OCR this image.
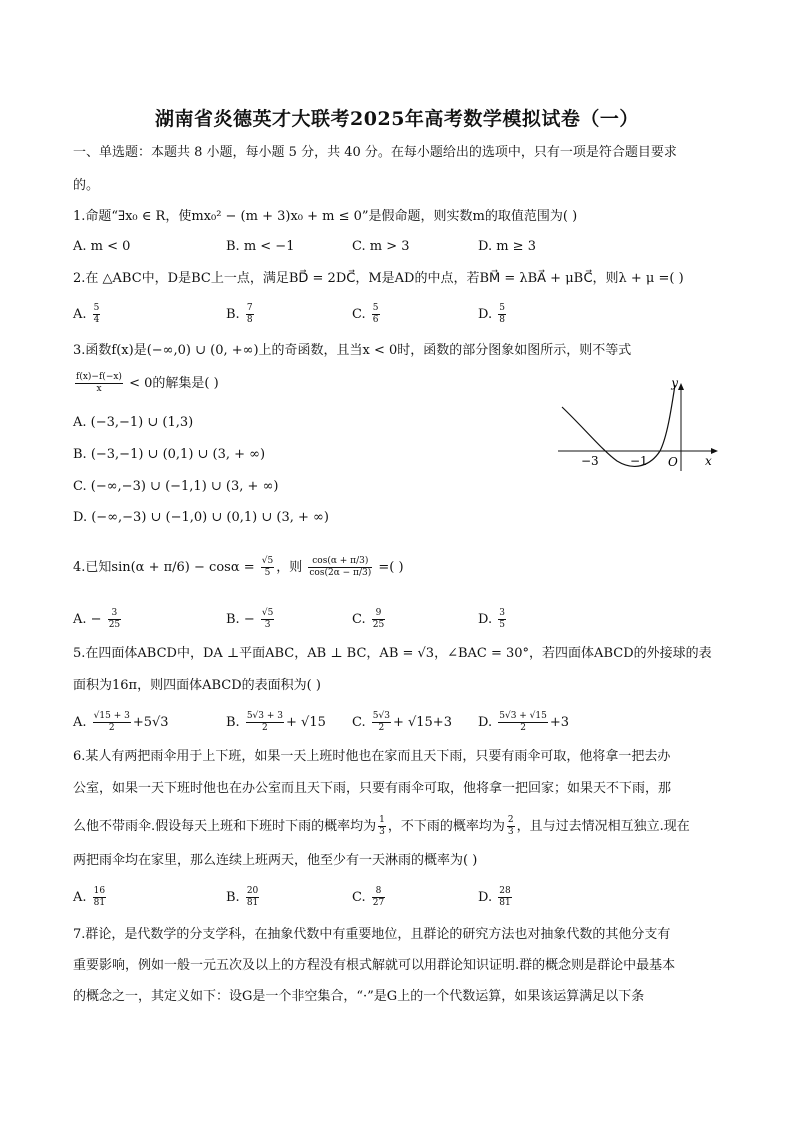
湖南省炎德英才大联考2025年高考数学模拟试卷（一）
一、单选题：本题共 8 小题，每小题 5 分，共 40 分。在每小题给出的选项中，只有一项是符合题目要求
的。
1.命题“∃x₀ ∈ R，使mx₀² − (m + 3)x₀ + m ≤ 0”是假命题，则实数m的取值范围为( )
A. m < 0	B. m < −1	C. m > 3	D. m ≥ 3
2.在 △ABC中，D是BC上一点，满足BD⃗ = 2DC⃗，M是AD的中点，若BM⃗ = λBA⃗ + μBC⃗，则λ + μ =( )
A. $\frac{5}{4}$	B. $\frac{7}{8}$	C. $\frac{5}{6}$	D. $\frac{5}{8}$
3.函数f(x)是(−∞,0) ∪ (0, +∞)上的奇函数，且当x < 0时，函数的部分图象如图所示，则不等式
$\frac{f(x)-f(-x)}{x} < 0$的解集是( )
A. (−3,−1) ∪ (1,3)
B. (−3,−1) ∪ (0,1) ∪ (3, + ∞)
C. (−∞,−3) ∪ (−1,1) ∪ (3, + ∞)
D. (−∞,−3) ∪ (−1,0) ∪ (0,1) ∪ (3, + ∞)
y
x
O
−3	−1
4.已知$\sin(\alpha + \pi/6) - \cos\alpha = \frac{√5}{5}$ ，则 $\frac{\cos(\alpha + \pi/3)}{\cos(2\alpha - \pi/3)}$ =( )
A. − $\frac{3}{25}$	B. − $\frac{√5}{3}$	C. $\frac{9}{25}$	D. $\frac{3}{5}$
5.在四面体ABCD中，DA ⊥平面ABC，AB ⊥ BC，AB = √3，∠BAC = 30°，若四面体ABCD的外接球的表
面积为16π，则四面体ABCD的表面积为( )
A. $\frac{√15 + 3}{2} +5√3$	B. $\frac{5√3 + 3}{2} + √15$ C. $\frac{5√3}{2} + √15+3$ D. $\frac{5√3 + √15}{2} +3$
6.某人有两把雨伞用于上下班，如果一天上班时他也在家而且天下雨，只要有雨伞可取，他将拿一把去办
公室，如果一天下班时他也在办公室而且天下雨，只要有雨伞可取，他将拿一把回家；如果天不下雨，那
么他不带雨伞.假设每天上班和下班时下雨的概率均为 $\frac{1}{3}$ ，不下雨的概率均为 $\frac{2}{3}$ ，且与过去情况相互独立.现在
两把雨伞均在家里，那么连续上班两天，他至少有一天淋雨的概率为( )
A. $\frac{16}{81}$	B. $\frac{20}{81}$	C. $\frac{8}{27}$	D. $\frac{28}{81}$
7.群论，是代数学的分支学科，在抽象代数中有重要地位，且群论的研究方法也对抽象代数的其他分支有
重要影响，例如一般一元五次及以上的方程没有根式解就可以用群论知识证明.群的概念则是群论中最基本
的概念之一，其定义如下：设G是一个非空集合，“·”是G上的一个代数运算，如果该运算满足以下条
